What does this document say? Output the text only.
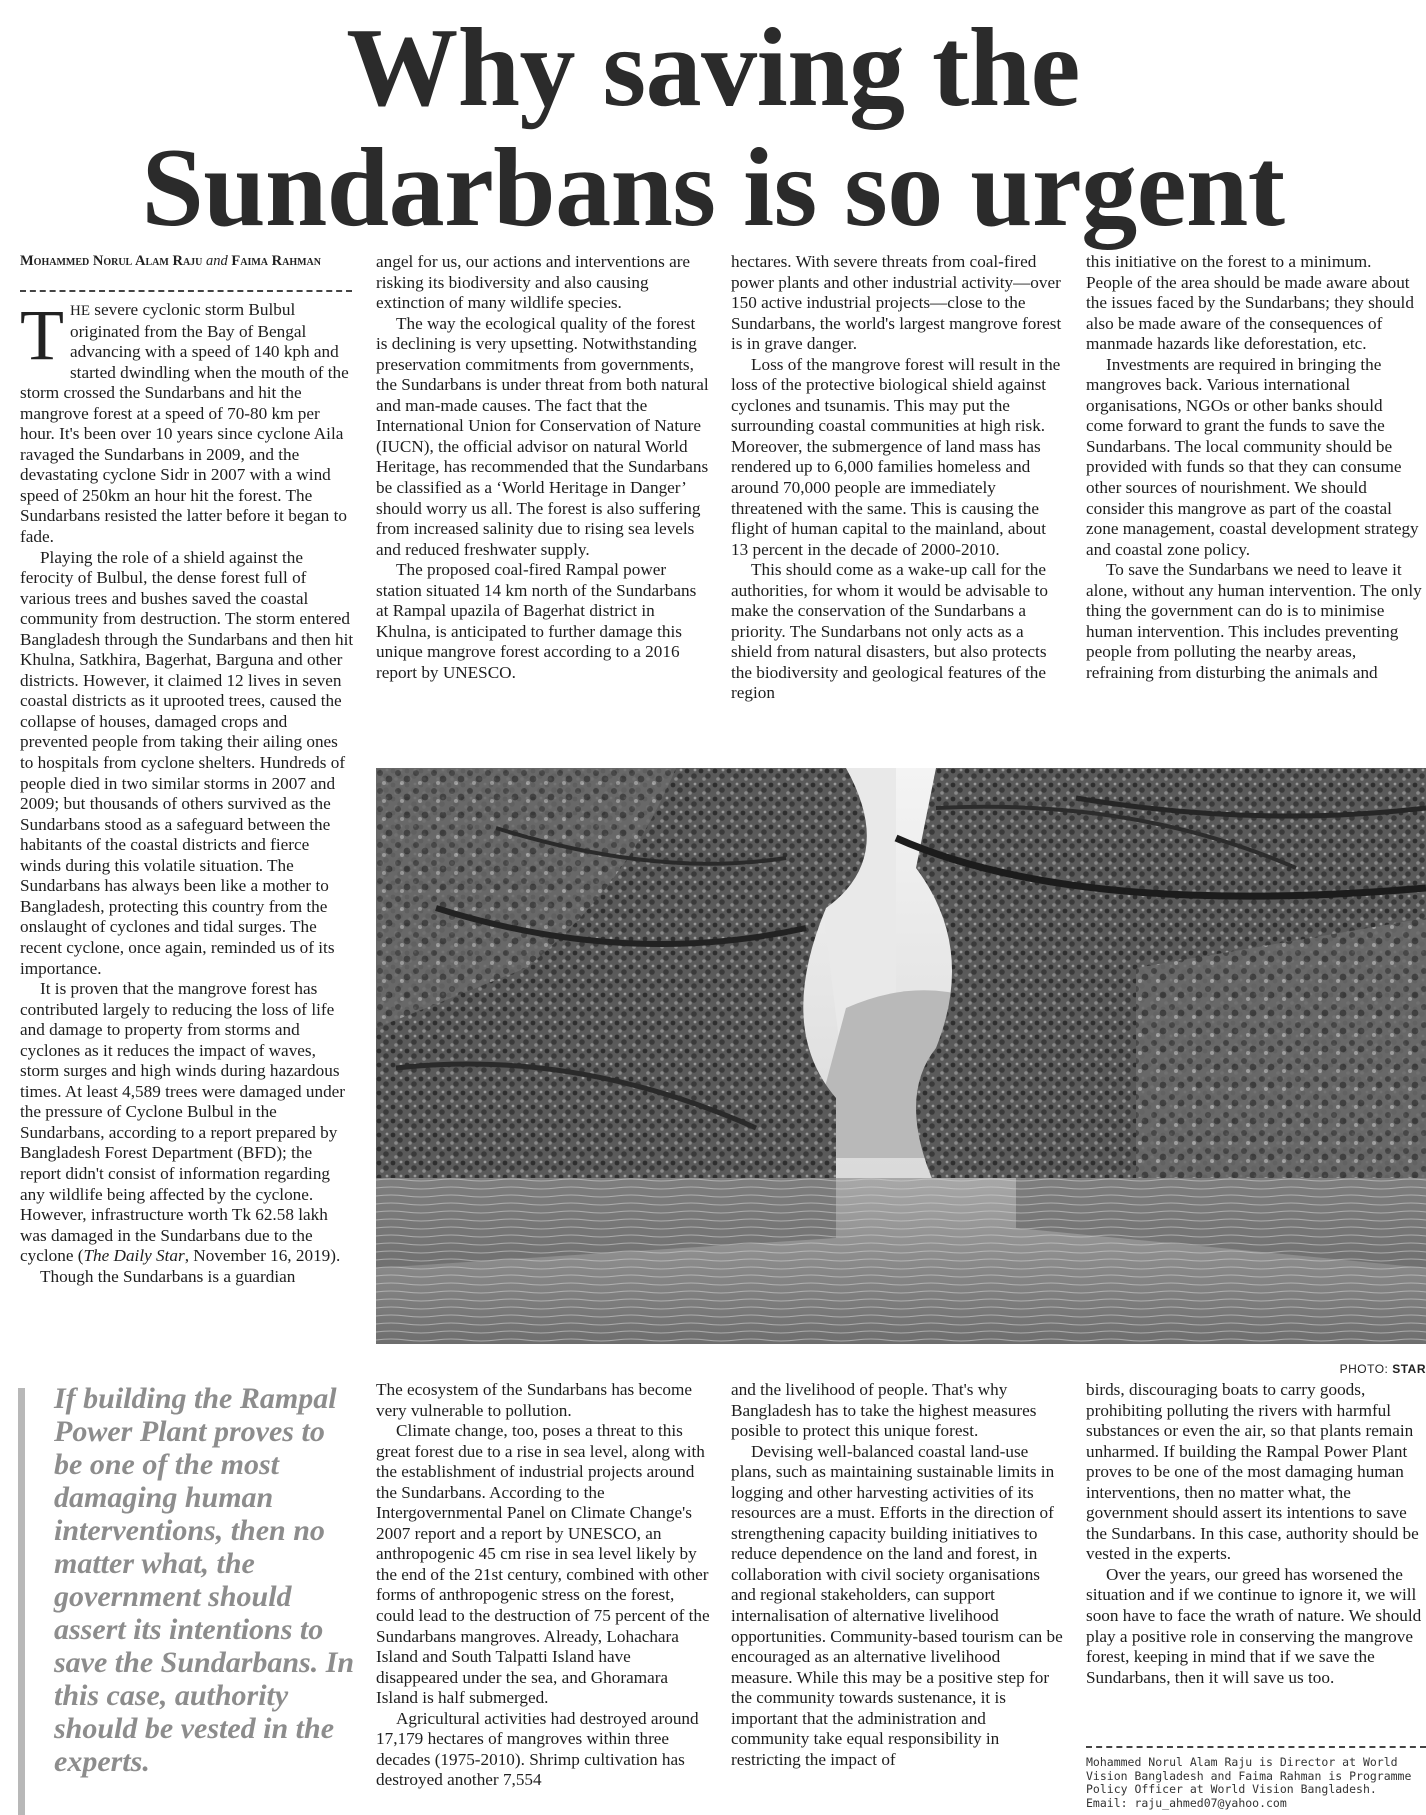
Why saving the
Sundarbans is so urgent
Mohammed Norul Alam Raju and Faima Rahman

THE severe cyclonic storm Bulbul originated from the Bay of Bengal advancing with a speed of 140 kph and started dwindling when the mouth of the storm crossed the Sundarbans and hit the mangrove forest at a speed of 70-80 km per hour. It's been over 10 years since cyclone Aila ravaged the Sundarbans in 2009, and the devastating cyclone Sidr in 2007 with a wind speed of 250km an hour hit the forest. The Sundarbans resisted the latter before it began to fade.

Playing the role of a shield against the ferocity of Bulbul, the dense forest full of various trees and bushes saved the coastal community from destruction. The storm entered Bangladesh through the Sundarbans and then hit Khulna, Satkhira, Bagerhat, Barguna and other districts. However, it claimed 12 lives in seven coastal districts as it uprooted trees, caused the collapse of houses, damaged crops and prevented people from taking their ailing ones to hospitals from cyclone shelters. Hundreds of people died in two similar storms in 2007 and 2009; but thousands of others survived as the Sundarbans stood as a safeguard between the habitants of the coastal districts and fierce winds during this volatile situation. The Sundarbans has always been like a mother to Bangladesh, protecting this country from the onslaught of cyclones and tidal surges. The recent cyclone, once again, reminded us of its importance.

It is proven that the mangrove forest has contributed largely to reducing the loss of life and damage to property from storms and cyclones as it reduces the impact of waves, storm surges and high winds during hazardous times. At least 4,589 trees were damaged under the pressure of Cyclone Bulbul in the Sundarbans, according to a report prepared by Bangladesh Forest Department (BFD); the report didn't consist of information regarding any wildlife being affected by the cyclone. However, infrastructure worth Tk 62.58 lakh was damaged in the Sundarbans due to the cyclone (The Daily Star, November 16, 2019).

Though the Sundarbans is a guardian

angel for us, our actions and interventions are risking its biodiversity and also causing extinction of many wildlife species.

The way the ecological quality of the forest is declining is very upsetting. Notwithstanding preservation commitments from governments, the Sundarbans is under threat from both natural and man-made causes. The fact that the International Union for Conservation of Nature (IUCN), the official advisor on natural World Heritage, has recommended that the Sundarbans be classified as a ‘World Heritage in Danger’ should worry us all. The forest is also suffering from increased salinity due to rising sea levels and reduced freshwater supply.

The proposed coal-fired Rampal power station situated 14 km north of the Sundarbans at Rampal upazila of Bagerhat district in Khulna, is anticipated to further damage this unique mangrove forest according to a 2016 report by UNESCO.

hectares. With severe threats from coal-fired power plants and other industrial activity—over 150 active industrial projects—close to the Sundarbans, the world's largest mangrove forest is in grave danger.

Loss of the mangrove forest will result in the loss of the protective biological shield against cyclones and tsunamis. This may put the surrounding coastal communities at high risk. Moreover, the submergence of land mass has rendered up to 6,000 families homeless and around 70,000 people are immediately threatened with the same. This is causing the flight of human capital to the mainland, about 13 percent in the decade of 2000-2010.

This should come as a wake-up call for the authorities, for whom it would be advisable to make the conservation of the Sundarbans a priority. The Sundarbans not only acts as a shield from natural disasters, but also protects the biodiversity and geological features of the region

this initiative on the forest to a minimum. People of the area should be made aware about the issues faced by the Sundarbans; they should also be made aware of the consequences of manmade hazards like deforestation, etc.

Investments are required in bringing the mangroves back. Various international organisations, NGOs or other banks should come forward to grant the funds to save the Sundarbans. The local community should be provided with funds so that they can consume other sources of nourishment. We should consider this mangrove as part of the coastal zone management, coastal development strategy and coastal zone policy.

To save the Sundarbans we need to leave it alone, without any human intervention. The only thing the government can do is to minimise human intervention. This includes preventing people from polluting the nearby areas, refraining from disturbing the animals and

PHOTO: STAR
If building the Rampal Power Plant proves to be one of the most damaging human interventions, then no matter what, the government should assert its intentions to save the Sundarbans. In this case, authority should be vested in the experts.

The ecosystem of the Sundarbans has become very vulnerable to pollution.

Climate change, too, poses a threat to this great forest due to a rise in sea level, along with the establishment of industrial projects around the Sundarbans. According to the Intergovernmental Panel on Climate Change's 2007 report and a report by UNESCO, an anthropogenic 45 cm rise in sea level likely by the end of the 21st century, combined with other forms of anthropogenic stress on the forest, could lead to the destruction of 75 percent of the Sundarbans mangroves. Already, Lohachara Island and South Talpatti Island have disappeared under the sea, and Ghoramara Island is half submerged.

Agricultural activities had destroyed around 17,179 hectares of mangroves within three decades (1975-2010). Shrimp cultivation has destroyed another 7,554

and the livelihood of people. That's why Bangladesh has to take the highest measures posible to protect this unique forest.

Devising well-balanced coastal land-use plans, such as maintaining sustainable limits in logging and other harvesting activities of its resources are a must. Efforts in the direction of strengthening capacity building initiatives to reduce dependence on the land and forest, in collaboration with civil society organisations and regional stakeholders, can support internalisation of alternative livelihood opportunities. Community-based tourism can be encouraged as an alternative livelihood measure. While this may be a positive step for the community towards sustenance, it is important that the administration and community take equal responsibility in restricting the impact of

birds, discouraging boats to carry goods, prohibiting polluting the rivers with harmful substances or even the air, so that plants remain unharmed. If building the Rampal Power Plant proves to be one of the most damaging human interventions, then no matter what, the government should assert its intentions to save the Sundarbans. In this case, authority should be vested in the experts.

Over the years, our greed has worsened the situation and if we continue to ignore it, we will soon have to face the wrath of nature. We should play a positive role in conserving the mangrove forest, keeping in mind that if we save the Sundarbans, then it will save us too.

Mohammed Norul Alam Raju is Director at World Vision Bangladesh and Faima Rahman is Programme Policy Officer at World Vision Bangladesh.
Email: raju_ahmed07@yahoo.com
